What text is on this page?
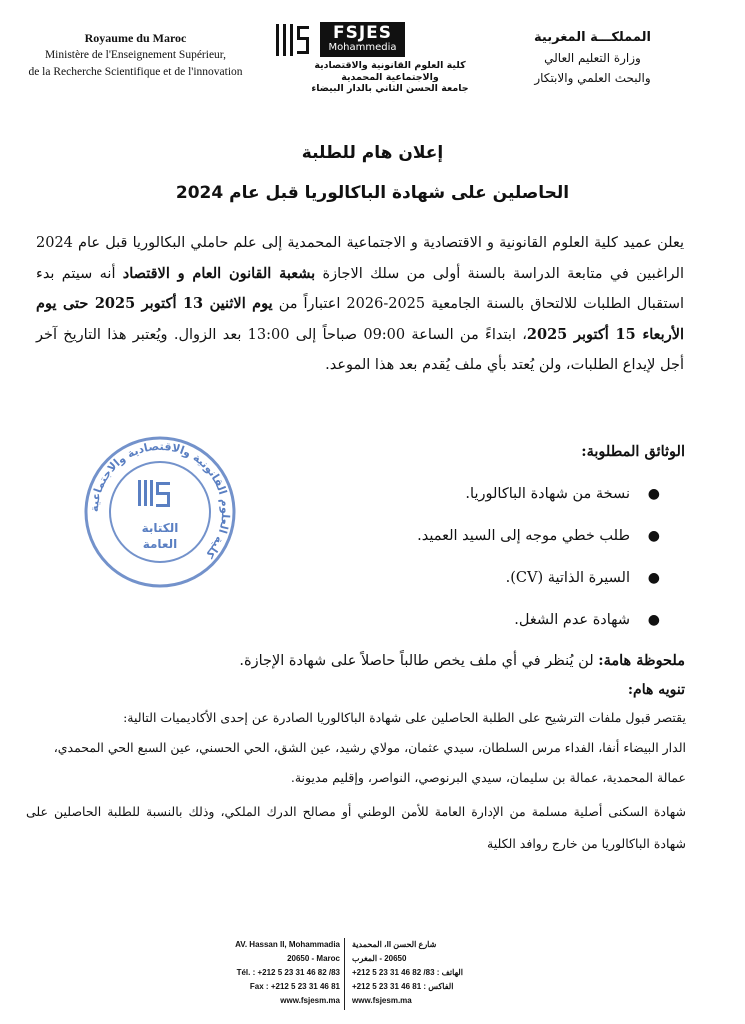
Royaume du Maroc
Ministère de l'Enseignement Supérieur,
de la Recherche Scientifique et de l'innovation
FSJES
Mohammedia
كلية العلوم القانونية والاقتصادية
والاجتماعية المحمدية
جامعة الحسن الثاني بالدار البيضاء
المملكـــة المغربية
وزارة التعليم العالي
والبحث العلمي والابتكار
إعلان هام للطلبة
الحاصلين على شهادة الباكالوريا قبل عام 2024
يعلن عميد كلية العلوم القانونية و الاقتصادية و الاجتماعية المحمدية إلى علم حاملي البكالوريا قبل عام 2024 الراغبين في متابعة الدراسة بالسنة أولى من سلك الاجازة بشعبة القانون العام و الاقتصاد أنه سيتم بدء استقبال الطلبات للالتحاق بالسنة الجامعية 2025-2026 اعتباراً من يوم الاثنين 13 أكتوبر 2025 حتى يوم الأربعاء 15 أكتوبر 2025، ابتداءً من الساعة 09:00 صباحاً إلى 13:00 بعد الزوال. ويُعتبر هذا التاريخ آخر أجل لإيداع الطلبات، ولن يُعتد بأي ملف يُقدم بعد هذا الموعد.
كلية العلوم القانونية والاقتصادية والاجتماعية
الكتابة
العامة
الوثائق المطلوبة:
●
نسخة من شهادة الباكالوريا.
●
طلب خطي موجه إلى السيد العميد.
●
السيرة الذاتية (CV).
●
شهادة عدم الشغل.
ملحوظة هامة: لن يُنظر في أي ملف يخص طالباً حاصلاً على شهادة الإجازة.
تنويه هام:
يقتصر قبول ملفات الترشيح على الطلبة الحاصلين على شهادة الباكالوريا الصادرة عن إحدى الأكاديميات التالية:
الدار البيضاء أنفا، الفداء مرس السلطان، سيدي عثمان، مولاي رشيد، عين الشق، الحي الحسني، عين السبع الحي المحمدي،
عمالة المحمدية، عمالة بن سليمان، سيدي البرنوصي، النواصر، وإقليم مديونة.
شهادة السكنى أصلية مسلمة من الإدارة العامة للأمن الوطني أو مصالح الدرك الملكي، وذلك بالنسبة للطلبة الحاصلين على شهادة الباكالوريا من خارج روافد الكلية
AV. Hassan II, Mohammadia
20650 - Maroc
Tél. : +212 5 23 31 46 82 /83
Fax : +212 5 23 31 46 81
www.fsjesm.ma
شارع الحسن II، المحمدية
20650 - المغرب
+212 5 23 31 46 82 /83 : الهاتف
+212 5 23 31 46 81 : الفاكس
www.fsjesm.ma
